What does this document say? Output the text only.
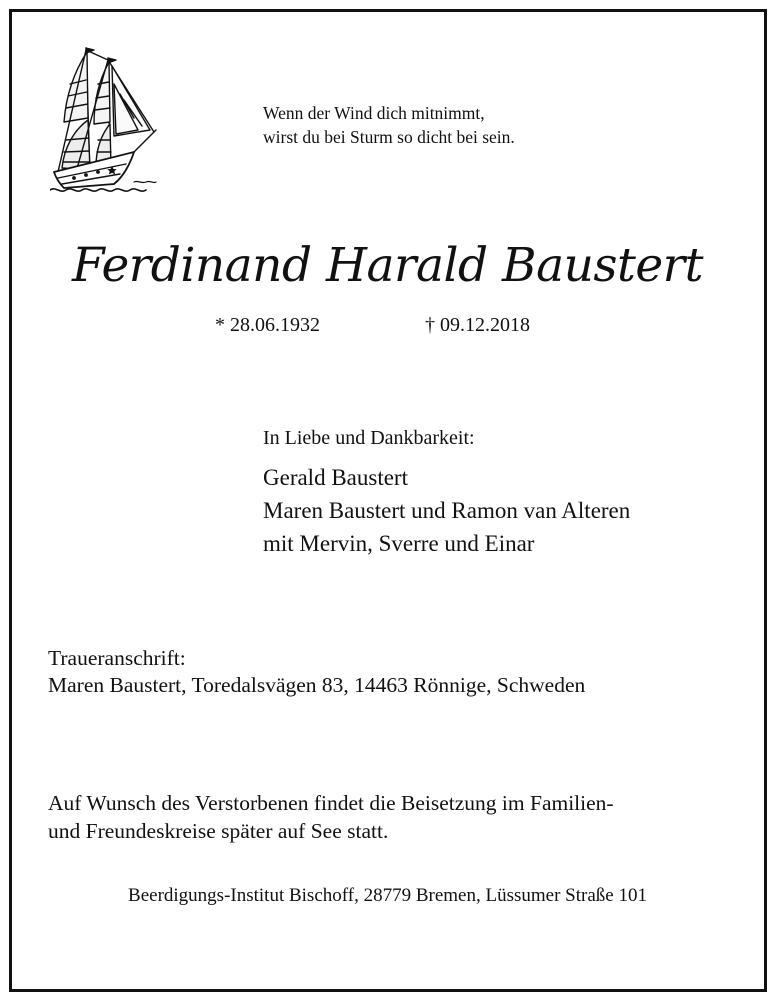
Wenn der Wind dich mitnimmt,
wirst du bei Sturm so dicht bei sein.
Ferdinand Harald Baustert
* 28.06.1932	† 09.12.2018
In Liebe und Dankbarkeit:
Gerald Baustert
Maren Baustert und Ramon van Alteren
mit Mervin, Sverre und Einar
Traueranschrift:
Maren Baustert, Toredalsvägen 83, 14463 Rönnige, Schweden
Auf Wunsch des Verstorbenen findet die Beisetzung im Familien-
und Freundeskreise später auf See statt.
Beerdigungs-Institut Bischoff, 28779 Bremen, Lüssumer Straße 101
